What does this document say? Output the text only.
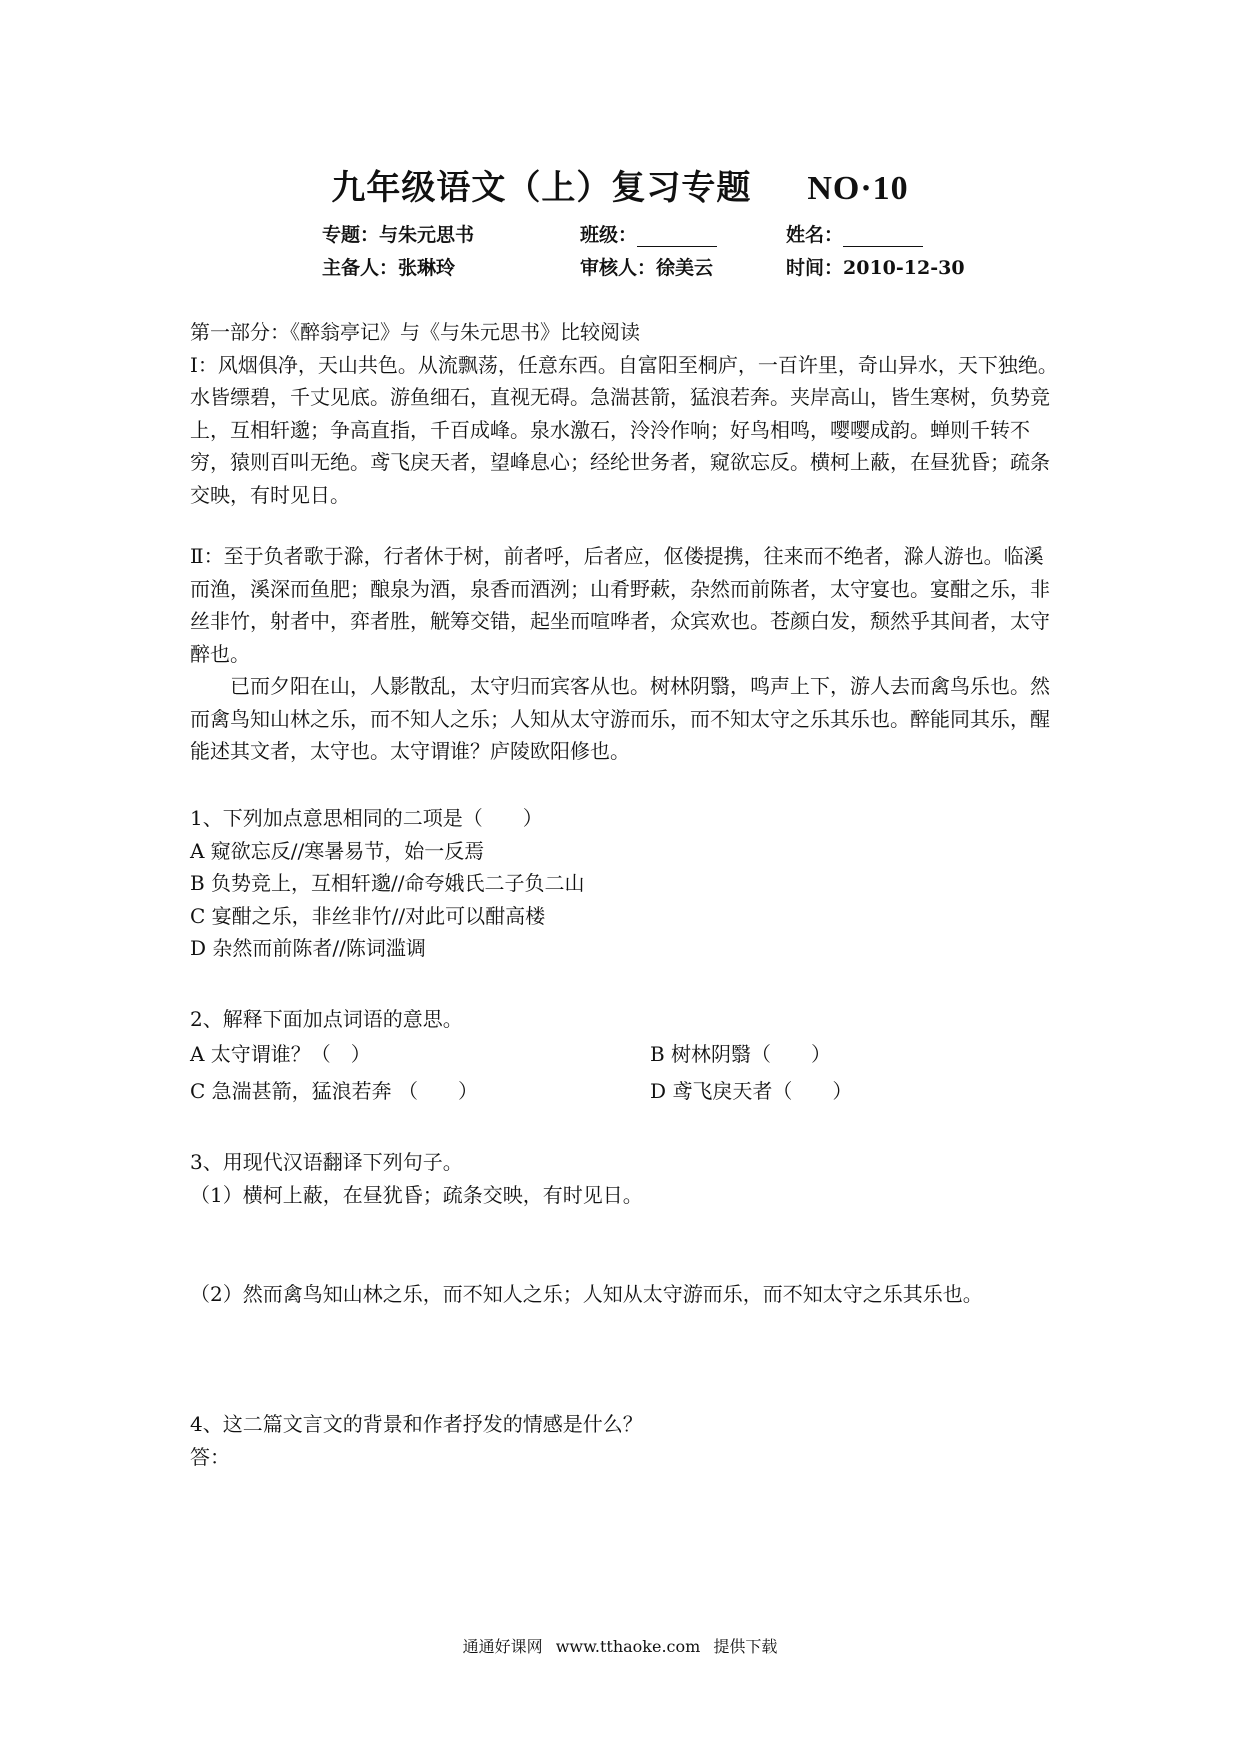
九年级语文（上）复习专题 NO·10
专题：与朱元思书	班级：	姓名：
主备人：张琳玲	审核人：徐美云	时间：2010-12-30

第一部分：《醉翁亭记》与《与朱元思书》比较阅读

Ⅰ：风烟俱净，天山共色。从流飘荡，任意东西。自富阳至桐庐，一百许里，奇山异水，天下独绝。水皆缥碧，千丈见底。游鱼细石，直视无碍。急湍甚箭，猛浪若奔。夹岸高山，皆生寒树，负势竞上，互相轩邈；争高直指，千百成峰。泉水激石，泠泠作响；好鸟相鸣，嘤嘤成韵。蝉则千转不穷，猿则百叫无绝。鸢飞戾天者，望峰息心；经纶世务者，窥欲忘反。横柯上蔽，在昼犹昏；疏条交映，有时见日。

Ⅱ：至于负者歌于滁，行者休于树，前者呼，后者应，伛偻提携，往来而不绝者，滁人游也。临溪而渔，溪深而鱼肥；酿泉为酒，泉香而酒洌；山肴野蔌，杂然而前陈者，太守宴也。宴酣之乐，非丝非竹，射者中，弈者胜，觥筹交错，起坐而喧哗者，众宾欢也。苍颜白发，颓然乎其间者，太守醉也。

已而夕阳在山，人影散乱，太守归而宾客从也。树林阴翳，鸣声上下，游人去而禽鸟乐也。然而禽鸟知山林之乐，而不知人之乐；人知从太守游而乐，而不知太守之乐其乐也。醉能同其乐，醒能述其文者，太守也。太守谓谁？庐陵欧阳修也。

1、下列加点意思相同的二项是（　　）

A 窥欲忘反//寒暑易节，始一反焉

B 负势竞上，互相轩邈//命夸娥氏二子负二山

C 宴酣之乐，非丝非竹//对此可以酣高楼

D 杂然而前陈者//陈词滥调

2、解释下面加点词语的意思。

A 太守谓谁？（　）	B 树林阴翳（　　）
C 急湍甚箭，猛浪若奔 （　　）	D 鸢飞戾天者（　　）

3、用现代汉语翻译下列句子。

（1）横柯上蔽，在昼犹昏；疏条交映，有时见日。

（2）然而禽鸟知山林之乐，而不知人之乐；人知从太守游而乐，而不知太守之乐其乐也。

4、这二篇文言文的背景和作者抒发的情感是什么？

答：

通通好课网 www.tthaoke.com 提供下载
